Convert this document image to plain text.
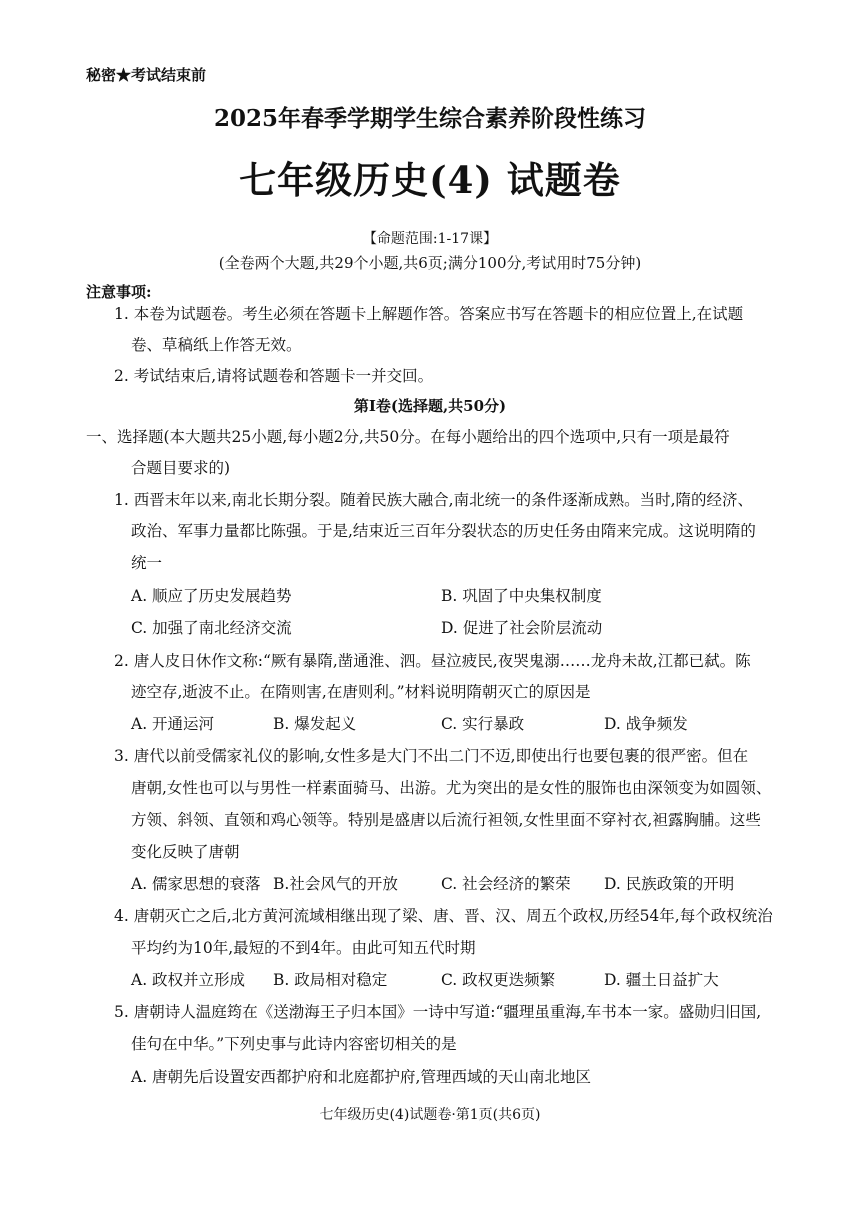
秘密★考试结束前
2025年春季学期学生综合素养阶段性练习
七年级历史(4) 试题卷
【命题范围:1-17课】
(全卷两个大题,共29个小题,共6页;满分100分,考试用时75分钟)
注意事项:
1. 本卷为试题卷。考生必须在答题卡上解题作答。答案应书写在答题卡的相应位置上,在试题
卷、草稿纸上作答无效。
2. 考试结束后,请将试题卷和答题卡一并交回。
第Ⅰ卷(选择题,共50分)
一、选择题(本大题共25小题,每小题2分,共50分。在每小题给出的四个选项中,只有一项是最符
合题目要求的)
1. 西晋末年以来,南北长期分裂。随着民族大融合,南北统一的条件逐渐成熟。当时,隋的经济、
政治、军事力量都比陈强。于是,结束近三百年分裂状态的历史任务由隋来完成。这说明隋的
统一
A. 顺应了历史发展趋势	B. 巩固了中央集权制度
C. 加强了南北经济交流	D. 促进了社会阶层流动
2. 唐人皮日休作文称:“厥有暴隋,凿通淮、泗。昼泣疲民,夜哭鬼溺……龙舟未故,江都已弑。陈
迹空存,逝波不止。在隋则害,在唐则利。”材料说明隋朝灭亡的原因是
A. 开通运河	B. 爆发起义	C. 实行暴政	D. 战争频发
3. 唐代以前受儒家礼仪的影响,女性多是大门不出二门不迈,即使出行也要包裹的很严密。但在
唐朝,女性也可以与男性一样素面骑马、出游。尤为突出的是女性的服饰也由深领变为如圆领、
方领、斜领、直领和鸡心领等。特别是盛唐以后流行袒领,女性里面不穿衬衣,袒露胸脯。这些
变化反映了唐朝
A. 儒家思想的衰落 B.社会风气的开放	C. 社会经济的繁荣 D. 民族政策的开明
4. 唐朝灭亡之后,北方黄河流域相继出现了梁、唐、晋、汉、周五个政权,历经54年,每个政权统治
平均约为10年,最短的不到4年。由此可知五代时期
A. 政权并立形成 B. 政局相对稳定	C. 政权更迭频繁	D. 疆土日益扩大
5. 唐朝诗人温庭筠在《送渤海王子归本国》一诗中写道:“疆理虽重海,车书本一家。盛勋归旧国,
佳句在中华。”下列史事与此诗内容密切相关的是
A. 唐朝先后设置安西都护府和北庭都护府,管理西域的天山南北地区
七年级历史(4)试题卷·第1页(共6页)
